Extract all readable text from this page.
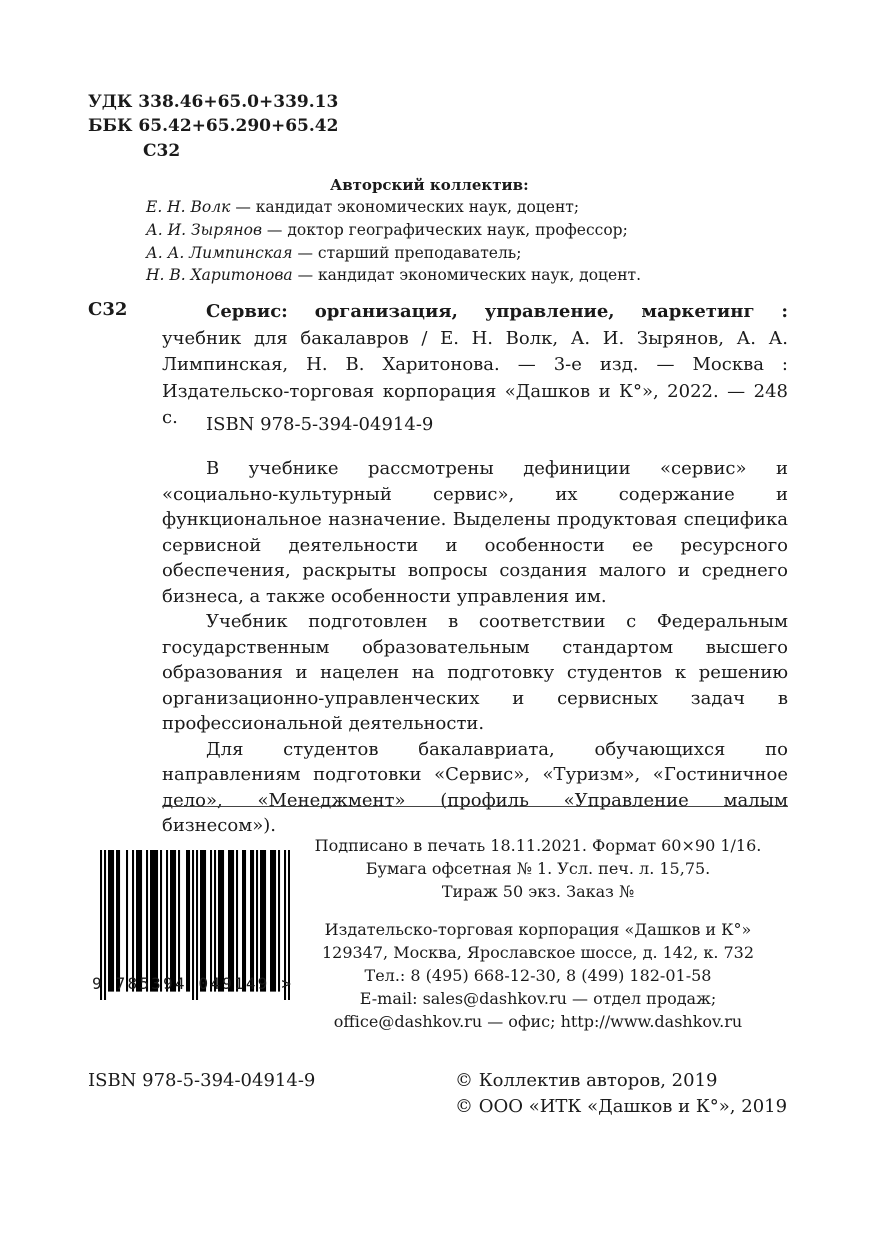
УДК 338.46+65.0+339.13
ББК 65.42+65.290+65.42
С32
Авторский коллектив:
Е. Н. Волк — кандидат экономических наук, доцент;
А. И. Зырянов — доктор географических наук, профессор;
А. А. Лимпинская — старший преподаватель;
Н. В. Харитонова — кандидат экономических наук, доцент.
С32	Сервис: организация, управление, маркетинг : учебник для бакалавров / Е. Н. Волк, А. И. Зырянов, А. А. Лимпинская, Н. В. Харитонова. — 3-е изд. — Москва : Издательско-торговая корпорация «Дашков и К°», 2022. — 248 с.	ISBN 978-5-394-04914-9

В учебнике рассмотрены дефиниции «сервис» и «социально-культурный сервис», их содержание и функциональное назначение. Выделены продуктовая специфика сервисной деятельности и особенности ее ресурсного обеспечения, раскрыты вопросы создания малого и среднего бизнеса, а также особенности управления им.

Учебник подготовлен в соответствии с Федеральным государственным образовательным стандартом высшего образования и нацелен на подготовку студентов к решению организационно-управленческих и сервисных задач в профессиональной деятельности.

Для студентов бакалавриата, обучающихся по направлениям подготовки «Сервис», «Туризм», «Гостиничное дело», «Менеджмент» (профиль «Управление малым бизнесом»).

Подписано в печать 18.11.2021. Формат 60×90 1/16.
Бумага офсетная № 1. Усл. печ. л. 15,75.
Тираж 50 экз. Заказ №
Издательско-торговая корпорация «Дашков и К°»
129347, Москва, Ярославское шоссе, д. 142, к. 732
Тел.: 8 (495) 668-12-30, 8 (499) 182-01-58
E-mail: sales@dashkov.ru — отдел продаж;
office@dashkov.ru — офис; http://www.dashkov.ru
9 785394 049149 >
ISBN 978-5-394-04914-9	© Коллектив авторов, 2019
© ООО «ИТК «Дашков и К°», 2019
